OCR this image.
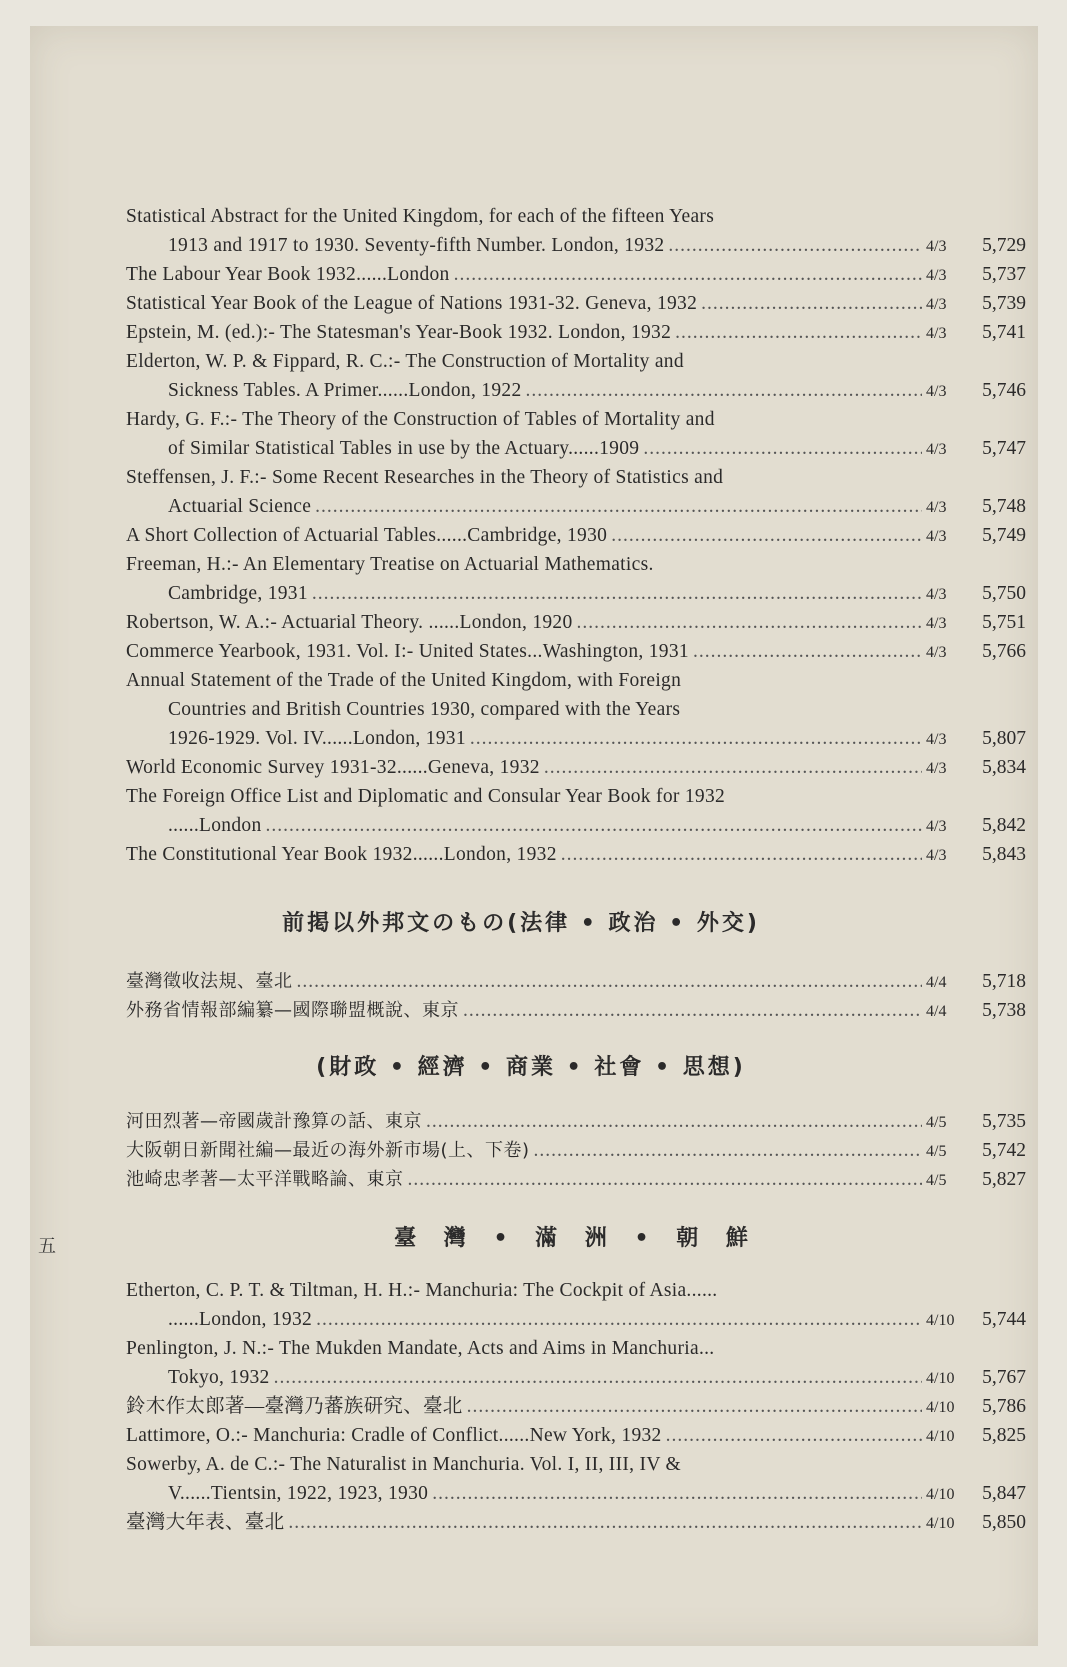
Statistical Abstract for the United Kingdom, for each of the fifteen Years
1913 and 1917 to 1930. Seventy-fifth Number. London, 1932 .....	4/3	5,729
The Labour Year Book 1932......London .....	4/3	5,737
Statistical Year Book of the League of Nations 1931-32. Geneva, 1932 .....	4/3	5,739
Epstein, M. (ed.):- The Statesman's Year-Book 1932. London, 1932 .....	4/3	5,741
Elderton, W. P. & Fippard, R. C.:- The Construction of Mortality and
Sickness Tables. A Primer......London, 1922 .....	4/3	5,746
Hardy, G. F.:- The Theory of the Construction of Tables of Mortality and
of Similar Statistical Tables in use by the Actuary......1909 .....	4/3	5,747
Steffensen, J. F.:- Some Recent Researches in the Theory of Statistics and
Actuarial Science .....	4/3	5,748
A Short Collection of Actuarial Tables......Cambridge, 1930 .....	4/3	5,749
Freeman, H.:- An Elementary Treatise on Actuarial Mathematics.
Cambridge, 1931 .....	4/3	5,750
Robertson, W. A.:- Actuarial Theory. ......London, 1920 .....	4/3	5,751
Commerce Yearbook, 1931. Vol. I:- United States...Washington, 1931 .....	4/3	5,766
Annual Statement of the Trade of the United Kingdom, with Foreign
Countries and British Countries 1930, compared with the Years
1926-1929. Vol. IV......London, 1931 .....	4/3	5,807
World Economic Survey 1931-32......Geneva, 1932 .....	4/3	5,834
The Foreign Office List and Diplomatic and Consular Year Book for 1932
......London .....	4/3	5,842
The Constitutional Year Book 1932......London, 1932 .....	4/3	5,843
前掲以外邦文のもの(法律 • 政治 • 外交)
臺灣徵收法規、臺北 .....	4/4	5,718
外務省情報部編纂—國際聯盟概說、東京 .....	4/4	5,738
(財政 • 經濟 • 商業 • 社會 • 思想)
河田烈著—帝國歲計豫算の話、東京 .....	4/5	5,735
大阪朝日新聞社編—最近の海外新市場(上、下卷) .....	4/5	5,742
池崎忠孝著—太平洋戰略論、東京 .....	4/5	5,827
臺 灣 • 滿 洲 • 朝 鮮
Etherton, C. P. T. & Tiltman, H. H.:- Manchuria: The Cockpit of Asia......
......London, 1932 .....	4/10	5,744
Penlington, J. N.:- The Mukden Mandate, Acts and Aims in Manchuria...
Tokyo, 1932 .....	4/10	5,767
鈴木作太郎著—臺灣乃蕃族研究、臺北 .....	4/10	5,786
Lattimore, O.:- Manchuria: Cradle of Conflict......New York, 1932 .....	4/10	5,825
Sowerby, A. de C.:- The Naturalist in Manchuria. Vol. I, II, III, IV &
V......Tientsin, 1922, 1923, 1930 .....	4/10	5,847
臺灣大年表、臺北 .....	4/10	5,850
五
